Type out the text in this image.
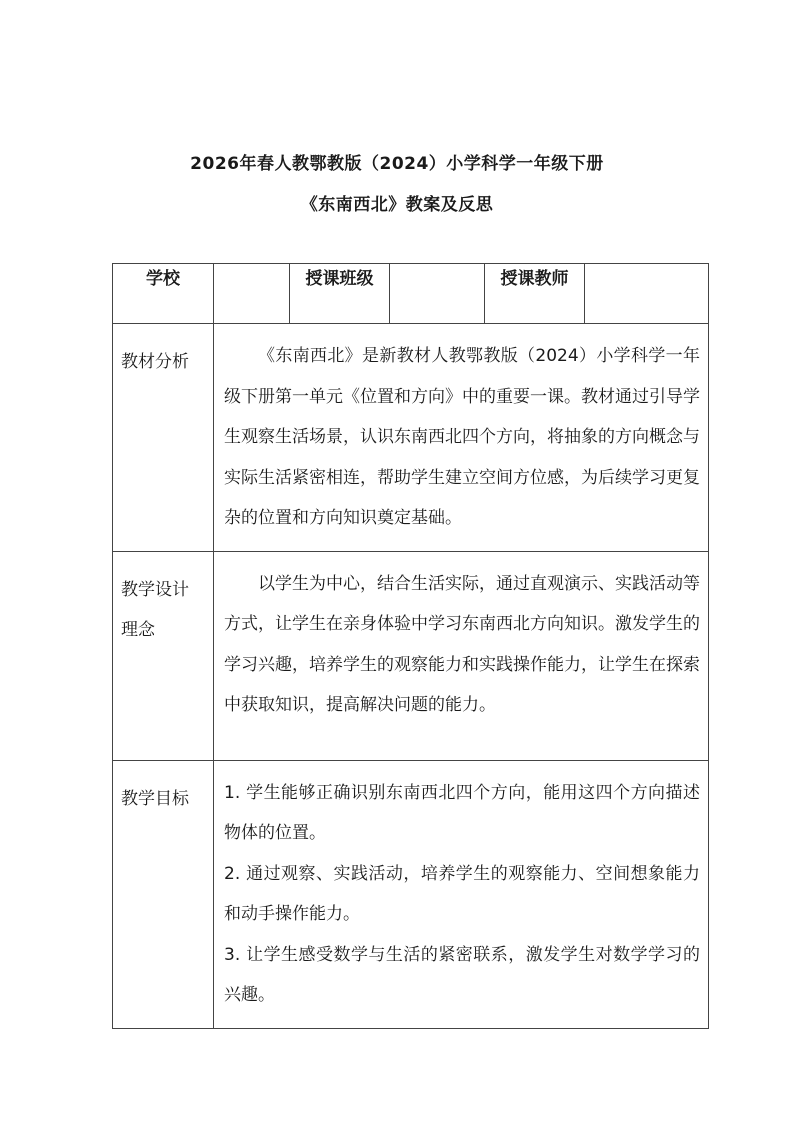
2026年春人教鄂教版（2024）小学科学一年级下册
《东南西北》教案及反思
学校		授课班级		授课教师	

教材分析	《东南西北》是新教材人教鄂教版（2024）小学科学一年级下册第一单元《位置和方向》中的重要一课。教材通过引导学生观察生活场景，认识东南西北四个方向，将抽象的方向概念与实际生活紧密相连，帮助学生建立空间方位感，为后续学习更复杂的位置和方向知识奠定基础。				

教学设计
理念	以学生为中心，结合生活实际，通过直观演示、实践活动等方式，让学生在亲身体验中学习东南西北方向知识。激发学生的学习兴趣，培养学生的观察能力和实践操作能力，让学生在探索中获取知识，提高解决问题的能力。				

教学目标	1. 学生能够正确识别东南西北四个方向，能用这四个方向描述物体的位置。

2. 通过观察、实践活动，培养学生的观察能力、空间想象能力和动手操作能力。

3. 让学生感受数学与生活的紧密联系，激发学生对数学学习的兴趣。				
